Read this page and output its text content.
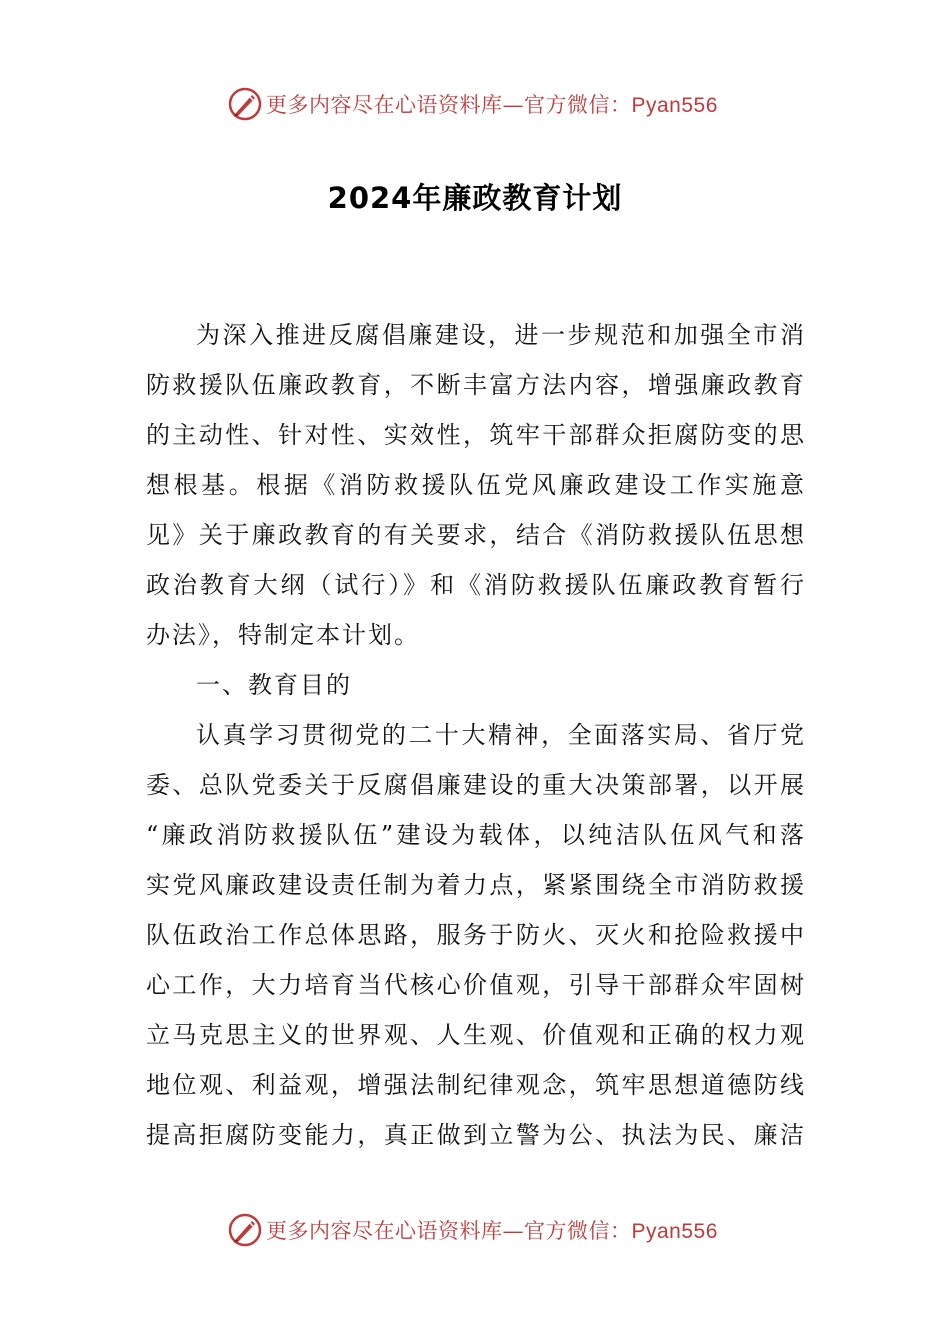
更多内容尽在心语资料库—官方微信：Pyan556
2024年廉政教育计划
为深入推进反腐倡廉建设，进一步规范和加强全市消
防救援队伍廉政教育，不断丰富方法内容，增强廉政教育
的主动性、针对性、实效性，筑牢干部群众拒腐防变的思
想根基。根据《消防救援队伍党风廉政建设工作实施意
见》关于廉政教育的有关要求，结合《消防救援队伍思想
政治教育大纲（试行）》和《消防救援队伍廉政教育暂行
办法》，特制定本计划。
一、教育目的
认真学习贯彻党的二十大精神，全面落实局、省厅党
委、总队党委关于反腐倡廉建设的重大决策部署，以开展
“廉政消防救援队伍”建设为载体，以纯洁队伍风气和落
实党风廉政建设责任制为着力点，紧紧围绕全市消防救援
队伍政治工作总体思路，服务于防火、灭火和抢险救援中
心工作，大力培育当代核心价值观，引导干部群众牢固树
立马克思主义的世界观、人生观、价值观和正确的权力观
地位观、利益观，增强法制纪律观念，筑牢思想道德防线
提高拒腐防变能力，真正做到立警为公、执法为民、廉洁
更多内容尽在心语资料库—官方微信：Pyan556
